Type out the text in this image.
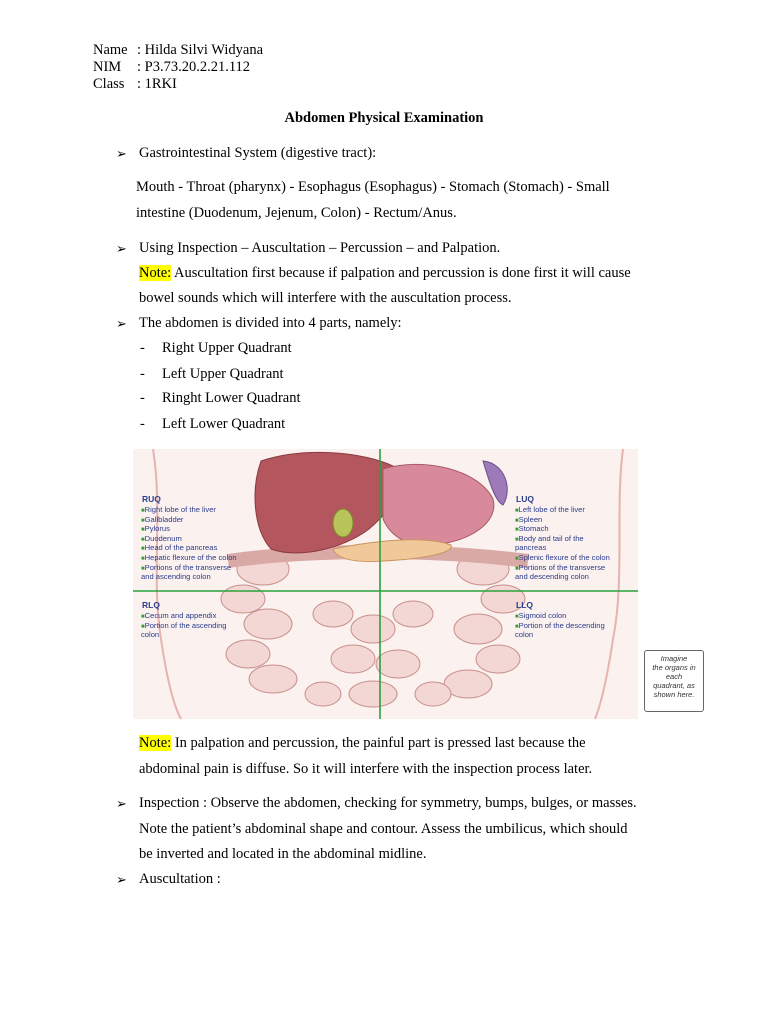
Name : Hilda Silvi Widyana
NIM : P3.73.20.2.21.112
Class : 1RKI
Abdomen Physical Examination
➢ Gastrointestinal System (digestive tract):
Mouth - Throat (pharynx) - Esophagus (Esophagus) - Stomach (Stomach) - Small
intestine (Duodenum, Jejenum, Colon) - Rectum/Anus.
➢ Using Inspection – Auscultation – Percussion – and Palpation.
Note: Auscultation first because if palpation and percussion is done first it will cause
bowel sounds which will interfere with the auscultation process.
➢ The abdomen is divided into 4 parts, namely:
- Right Upper Quadrant
- Left Upper Quadrant
- Ringht Lower Quadrant
- Left Lower Quadrant
RUQ
■ Right lobe of the liver
■ Gallbladder
■ Pylorus
■ Duodenum
■ Head of the pancreas
■ Hepatic flexure of the colon
■ Portions of the transverse
and ascending colon
LUQ
■ Left lobe of the liver
■ Spleen
■ Stomach
■ Body and tail of the
pancreas
■ Splenic flexure of the colon
■ Portions of the transverse
and descending colon
RLQ
■ Cecum and appendix
■ Portion of the ascending
colon
LLQ
■ Sigmoid colon
■ Portion of the descending
colon
Imagine
the organs in
each
quadrant, as
shown here.
Note: In palpation and percussion, the painful part is pressed last because the
abdominal pain is diffuse. So it will interfere with the inspection process later.
➢ Inspection : Observe the abdomen, checking for symmetry, bumps, bulges, or masses.
Note the patient’s abdominal shape and contour. Assess the umbilicus, which should
be inverted and located in the abdominal midline.
➢ Auscultation :
